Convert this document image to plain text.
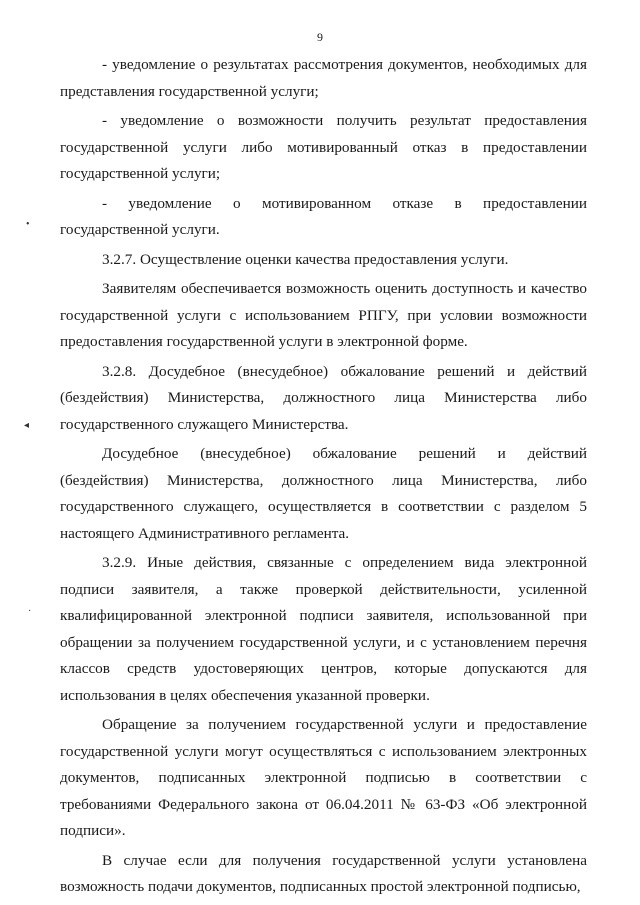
9

- уведомление о результатах рассмотрения документов, необходимых для представления государственной услуги;

- уведомление о возможности получить результат предоставления государственной услуги либо мотивированный отказ в предоставлении государственной услуги;

- уведомление о мотивированном отказе в предоставлении государственной услуги.

3.2.7. Осуществление оценки качества предоставления услуги.

Заявителям обеспечивается возможность оценить доступность и качество государственной услуги с использованием РПГУ, при условии возможности предоставления государственной услуги в электронной форме.

3.2.8. Досудебное (внесудебное) обжалование решений и действий (бездействия) Министерства, должностного лица Министерства либо государственного служащего Министерства.

Досудебное (внесудебное) обжалование решений и действий (бездействия) Министерства, должностного лица Министерства, либо государственного служащего, осуществляется в соответствии с разделом 5 настоящего Административного регламента.

3.2.9. Иные действия, связанные с определением вида электронной подписи заявителя, а также проверкой действительности, усиленной квалифицированной электронной подписи заявителя, использованной при обращении за получением государственной услуги, и с установлением перечня классов средств удостоверяющих центров, которые допускаются для использования в целях обеспечения указанной проверки.

Обращение за получением государственной услуги и предоставление государственной услуги могут осуществляться с использованием электронных документов, подписанных электронной подписью в соответствии с требованиями Федерального закона от 06.04.2011 № 63-ФЗ «Об электронной подписи».

В случае если для получения государственной услуги установлена возможность подачи документов, подписанных простой электронной подписью,

•
◂
·
